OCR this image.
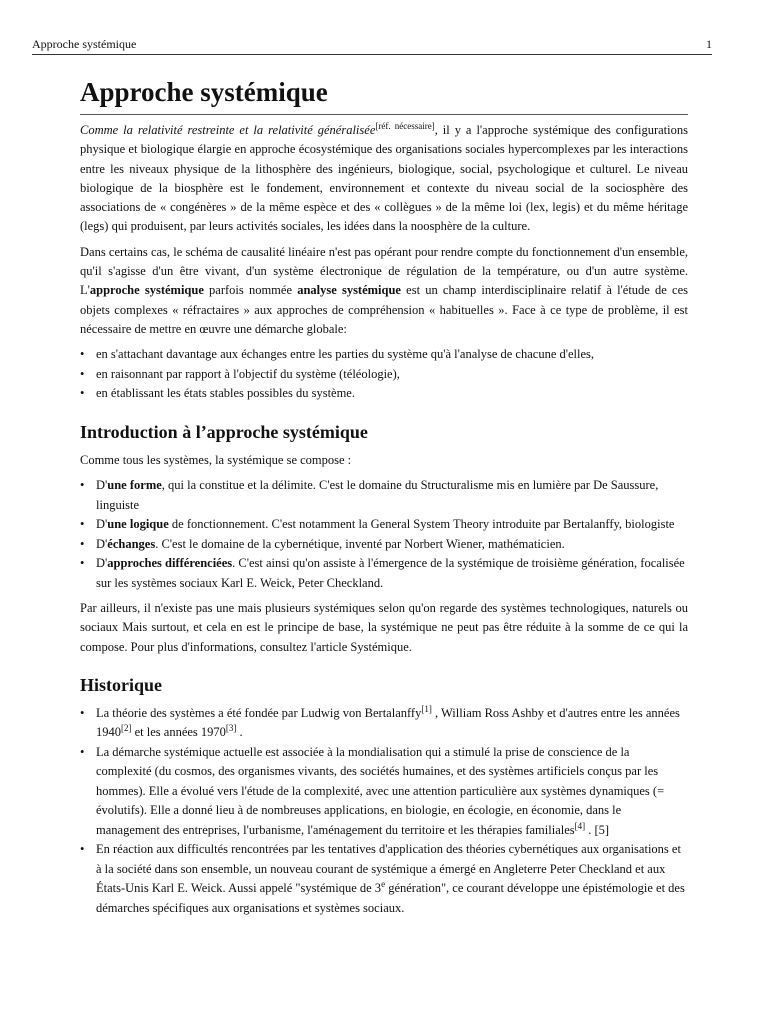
Approche systémique	1
Approche systémique

Comme la relativité restreinte et la relativité généralisée[réf. nécessaire], il y a l'approche systémique des configurations physique et biologique élargie en approche écosystémique des organisations sociales hypercomplexes par les interactions entre les niveaux physique de la lithosphère des ingénieurs, biologique, social, psychologique et culturel. Le niveau biologique de la biosphère est le fondement, environnement et contexte du niveau social de la sociosphère des associations de « congénères » de la même espèce et des « collègues » de la même loi (lex, legis) et du même héritage (legs) qui produisent, par leurs activités sociales, les idées dans la noosphère de la culture.

Dans certains cas, le schéma de causalité linéaire n'est pas opérant pour rendre compte du fonctionnement d'un ensemble, qu'il s'agisse d'un être vivant, d'un système électronique de régulation de la température, ou d'un autre système. L'approche systémique parfois nommée analyse systémique est un champ interdisciplinaire relatif à l'étude de ces objets complexes « réfractaires » aux approches de compréhension « habituelles ». Face à ce type de problème, il est nécessaire de mettre en œuvre une démarche globale:

• en s'attachant davantage aux échanges entre les parties du système qu'à l'analyse de chacune d'elles,
• en raisonnant par rapport à l'objectif du système (téléologie),
• en établissant les états stables possibles du système.
Introduction à l’approche systémique

Comme tous les systèmes, la systémique se compose :

• D'une forme, qui la constitue et la délimite. C'est le domaine du Structuralisme mis en lumière par De Saussure, linguiste
• D'une logique de fonctionnement. C'est notamment la General System Theory introduite par Bertalanffy, biologiste
• D'échanges. C'est le domaine de la cybernétique, inventé par Norbert Wiener, mathématicien.
• D'approches différenciées. C'est ainsi qu'on assiste à l'émergence de la systémique de troisième génération, focalisée sur les systèmes sociaux Karl E. Weick, Peter Checkland.

Par ailleurs, il n'existe pas une mais plusieurs systémiques selon qu'on regarde des systèmes technologiques, naturels ou sociaux Mais surtout, et cela en est le principe de base, la systémique ne peut pas être réduite à la somme de ce qui la compose. Pour plus d'informations, consultez l'article Systémique.

Historique
• La théorie des systèmes a été fondée par Ludwig von Bertalanffy[1] , William Ross Ashby et d'autres entre les années 1940[2] et les années 1970[3] .
• La démarche systémique actuelle est associée à la mondialisation qui a stimulé la prise de conscience de la complexité (du cosmos, des organismes vivants, des sociétés humaines, et des systèmes artificiels conçus par les hommes). Elle a évolué vers l'étude de la complexité, avec une attention particulière aux systèmes dynamiques (= évolutifs). Elle a donné lieu à de nombreuses applications, en biologie, en écologie, en économie, dans le management des entreprises, l'urbanisme, l'aménagement du territoire et les thérapies familiales[4] . [5]
• En réaction aux difficultés rencontrées par les tentatives d'application des théories cybernétiques aux organisations et à la société dans son ensemble, un nouveau courant de systémique a émergé en Angleterre Peter Checkland et aux États-Unis Karl E. Weick. Aussi appelé "systémique de 3e génération", ce courant développe une épistémologie et des démarches spécifiques aux organisations et systèmes sociaux.
